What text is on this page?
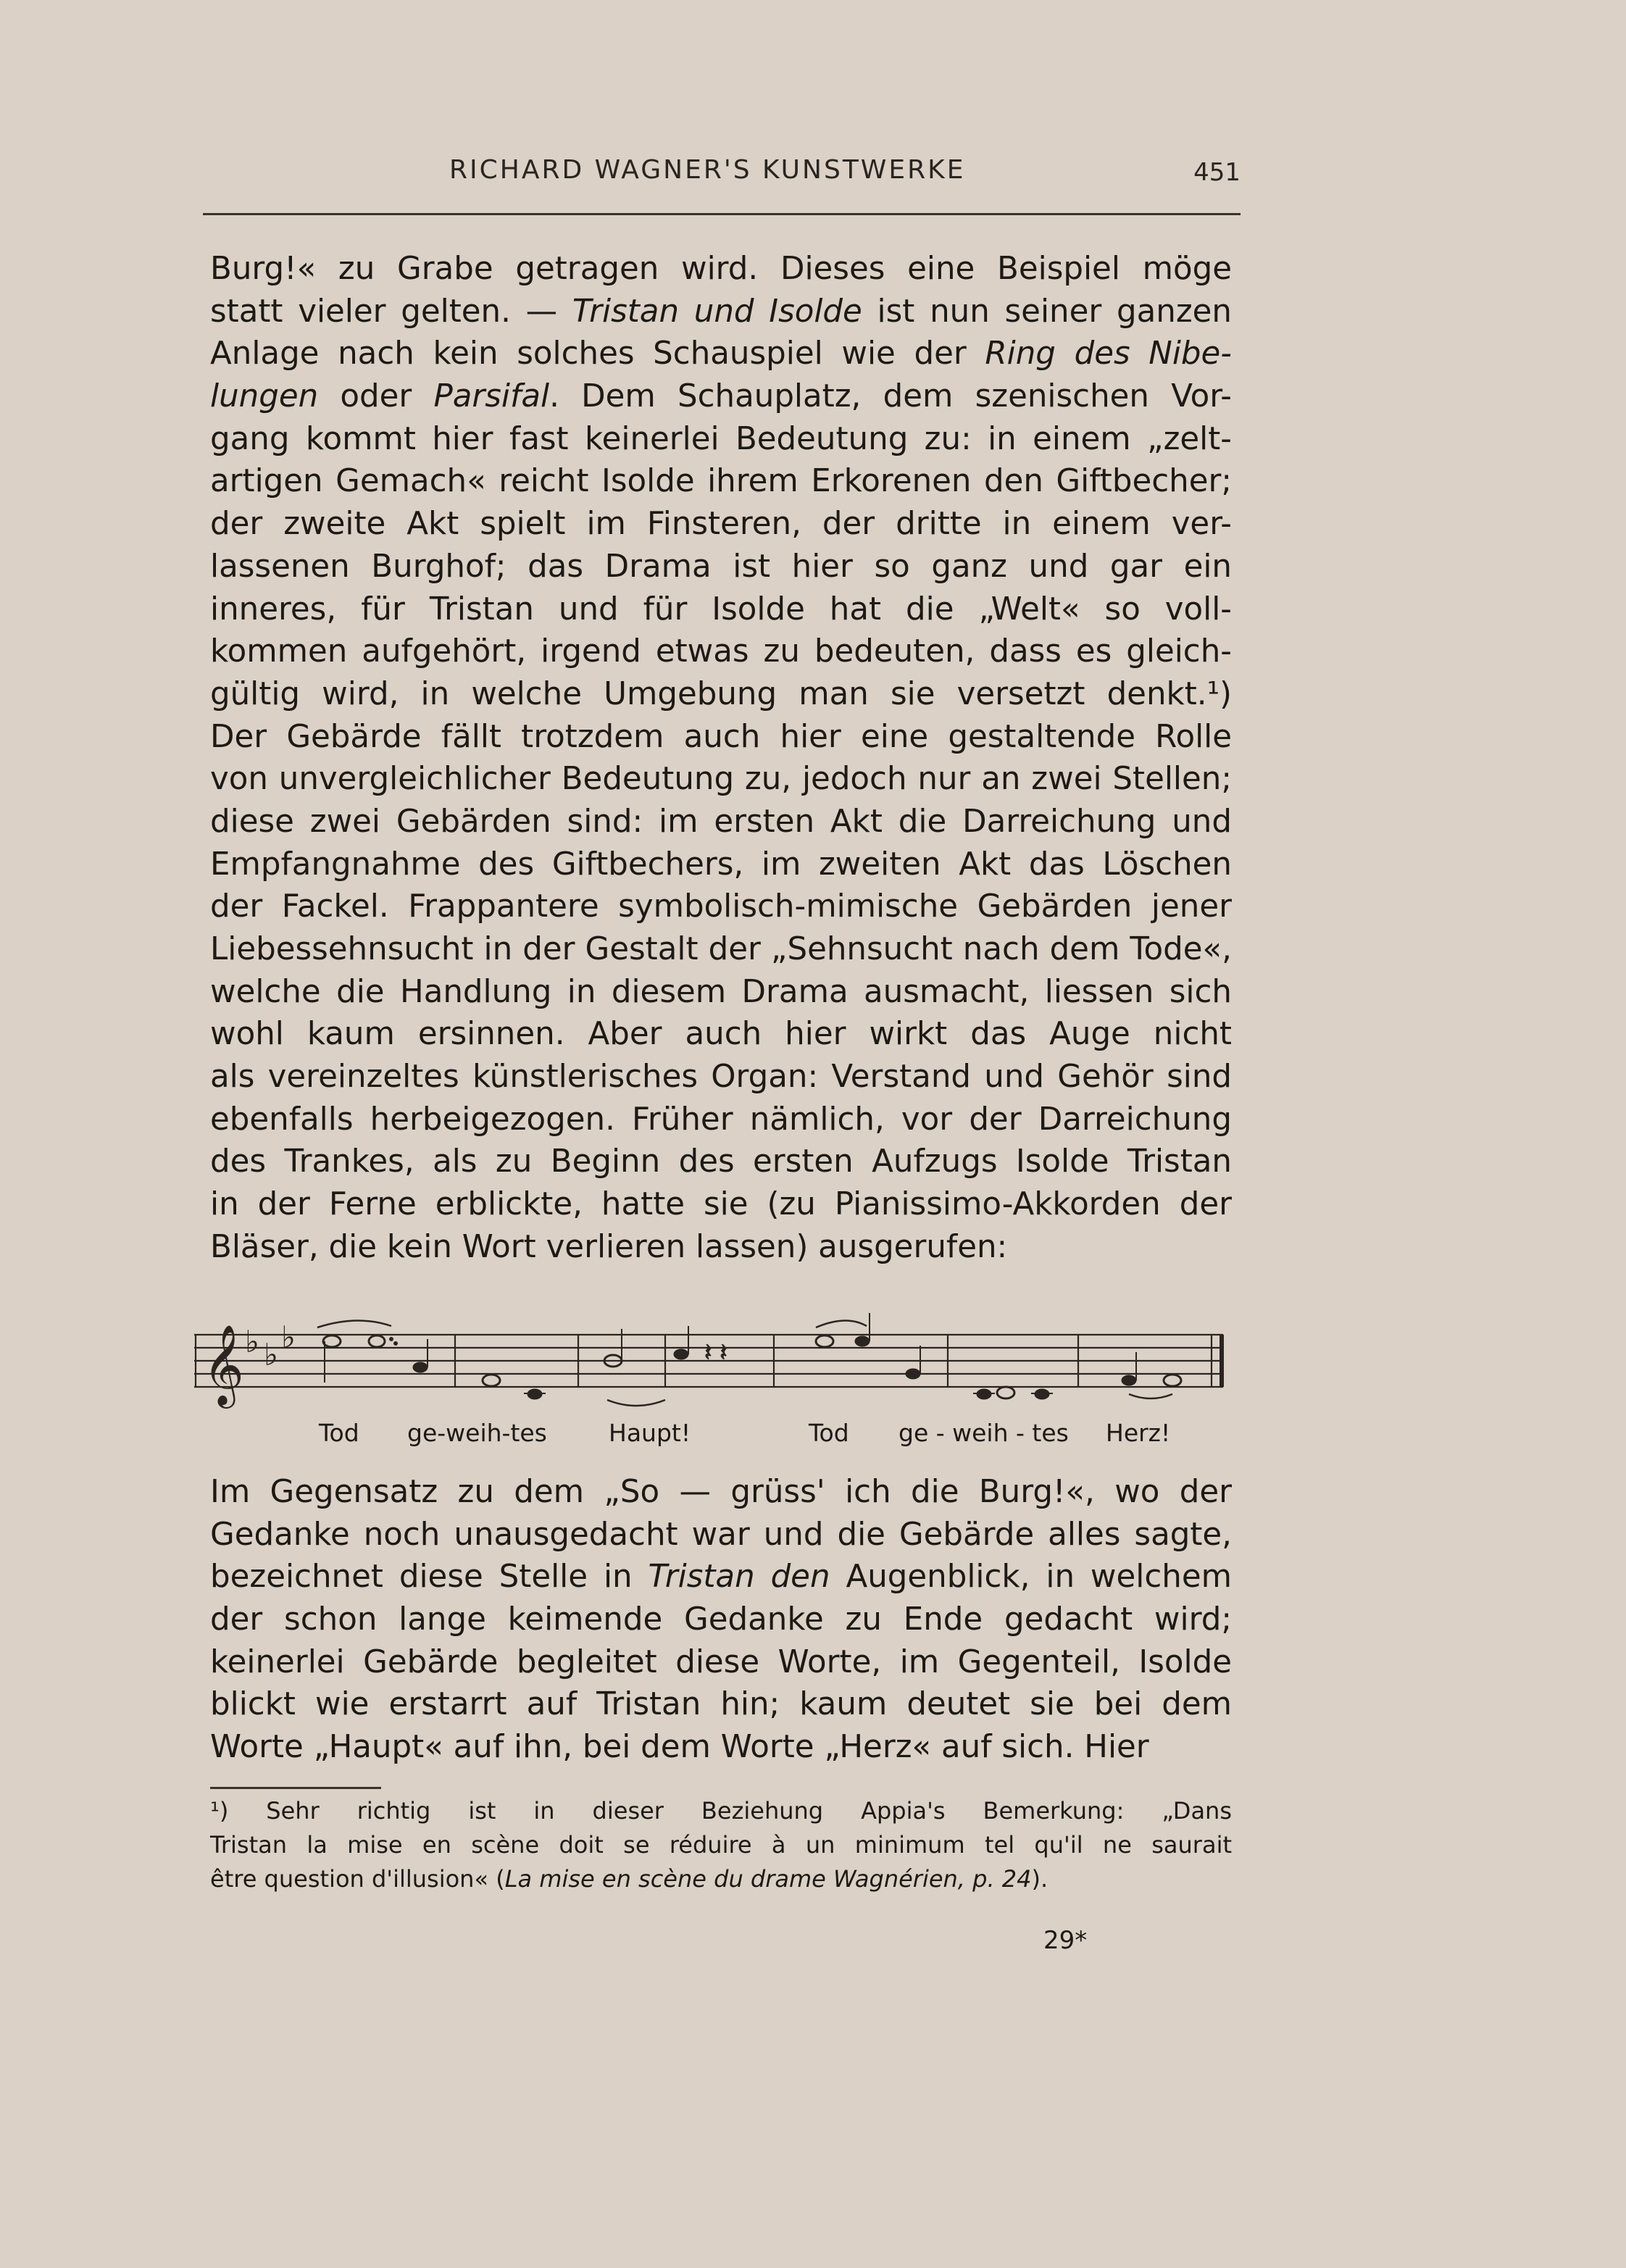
RICHARD WAGNER'S KUNSTWERKE	451
Burg!« zu Grabe getragen wird. Dieses eine Beispiel möge
statt vieler gelten. — Tristan und Isolde ist nun seiner ganzen
Anlage nach kein solches Schauspiel wie der Ring des Nibe-
lungen oder Parsifal. Dem Schauplatz, dem szenischen Vor-
gang kommt hier fast keinerlei Bedeutung zu: in einem „zelt-
artigen Gemach« reicht Isolde ihrem Erkorenen den Giftbecher;
der zweite Akt spielt im Finsteren, der dritte in einem ver-
lassenen Burghof; das Drama ist hier so ganz und gar ein
inneres, für Tristan und für Isolde hat die „Welt« so voll-
kommen aufgehört, irgend etwas zu bedeuten, dass es gleich-
gültig wird, in welche Umgebung man sie versetzt denkt.¹)
Der Gebärde fällt trotzdem auch hier eine gestaltende Rolle
von unvergleichlicher Bedeutung zu, jedoch nur an zwei Stellen;
diese zwei Gebärden sind: im ersten Akt die Darreichung und
Empfangnahme des Giftbechers, im zweiten Akt das Löschen
der Fackel. Frappantere symbolisch-mimische Gebärden jener
Liebessehnsucht in der Gestalt der „Sehnsucht nach dem Tode«,
welche die Handlung in diesem Drama ausmacht, liessen sich
wohl kaum ersinnen. Aber auch hier wirkt das Auge nicht
als vereinzeltes künstlerisches Organ: Verstand und Gehör sind
ebenfalls herbeigezogen. Früher nämlich, vor der Darreichung
des Trankes, als zu Beginn des ersten Aufzugs Isolde Tristan
in der Ferne erblickte, hatte sie (zu Pianissimo-Akkorden der
Bläser, die kein Wort verlieren lassen) ausgerufen:
𝄞 ♭ ♭ ♭	𝄽 𝄽
Tod ge-weih-tes	Haupt!	Tod ge - weih - tes Herz!
Im Gegensatz zu dem „So — grüss' ich die Burg!«, wo der
Gedanke noch unausgedacht war und die Gebärde alles sagte,
bezeichnet diese Stelle in Tristan den Augenblick, in welchem
der schon lange keimende Gedanke zu Ende gedacht wird;
keinerlei Gebärde begleitet diese Worte, im Gegenteil, Isolde
blickt wie erstarrt auf Tristan hin; kaum deutet sie bei dem
Worte „Haupt« auf ihn, bei dem Worte „Herz« auf sich. Hier
¹) Sehr richtig ist in dieser Beziehung Appia's Bemerkung: „Dans
Tristan la mise en scène doit se réduire à un minimum tel qu'il ne saurait
être question d'illusion« (La mise en scène du drame Wagnérien, p. 24).
29*
